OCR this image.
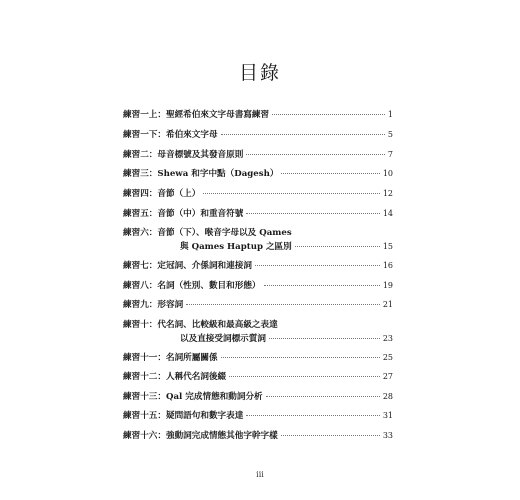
目錄
練習一上： 聖經希伯來文字母書寫練習	1
練習一下： 希伯來文字母	5
練習二： 母音標號及其發音原則	7
練習三： Shewa 和字中點（Dagesh）	10
練習四： 音節（上）	12
練習五： 音節（中）和重音符號	14
練習六： 音節（下）、喉音字母以及 Qames
與 Qames Haptup 之區別	15
練習七： 定冠詞、介係詞和連接詞	16
練習八： 名詞（性別、數目和形態）	19
練習九： 形容詞	21
練習十： 代名詞、比較級和最高級之表達
以及直接受詞標示質詞	23
練習十一： 名詞所屬關係	25
練習十二： 人稱代名詞後綴	27
練習十三： Qal 完成情態和動詞分析	28
練習十五： 疑問語句和數字表達	31
練習十六： 強動詞完成情態其他字幹字樣	33
iii
